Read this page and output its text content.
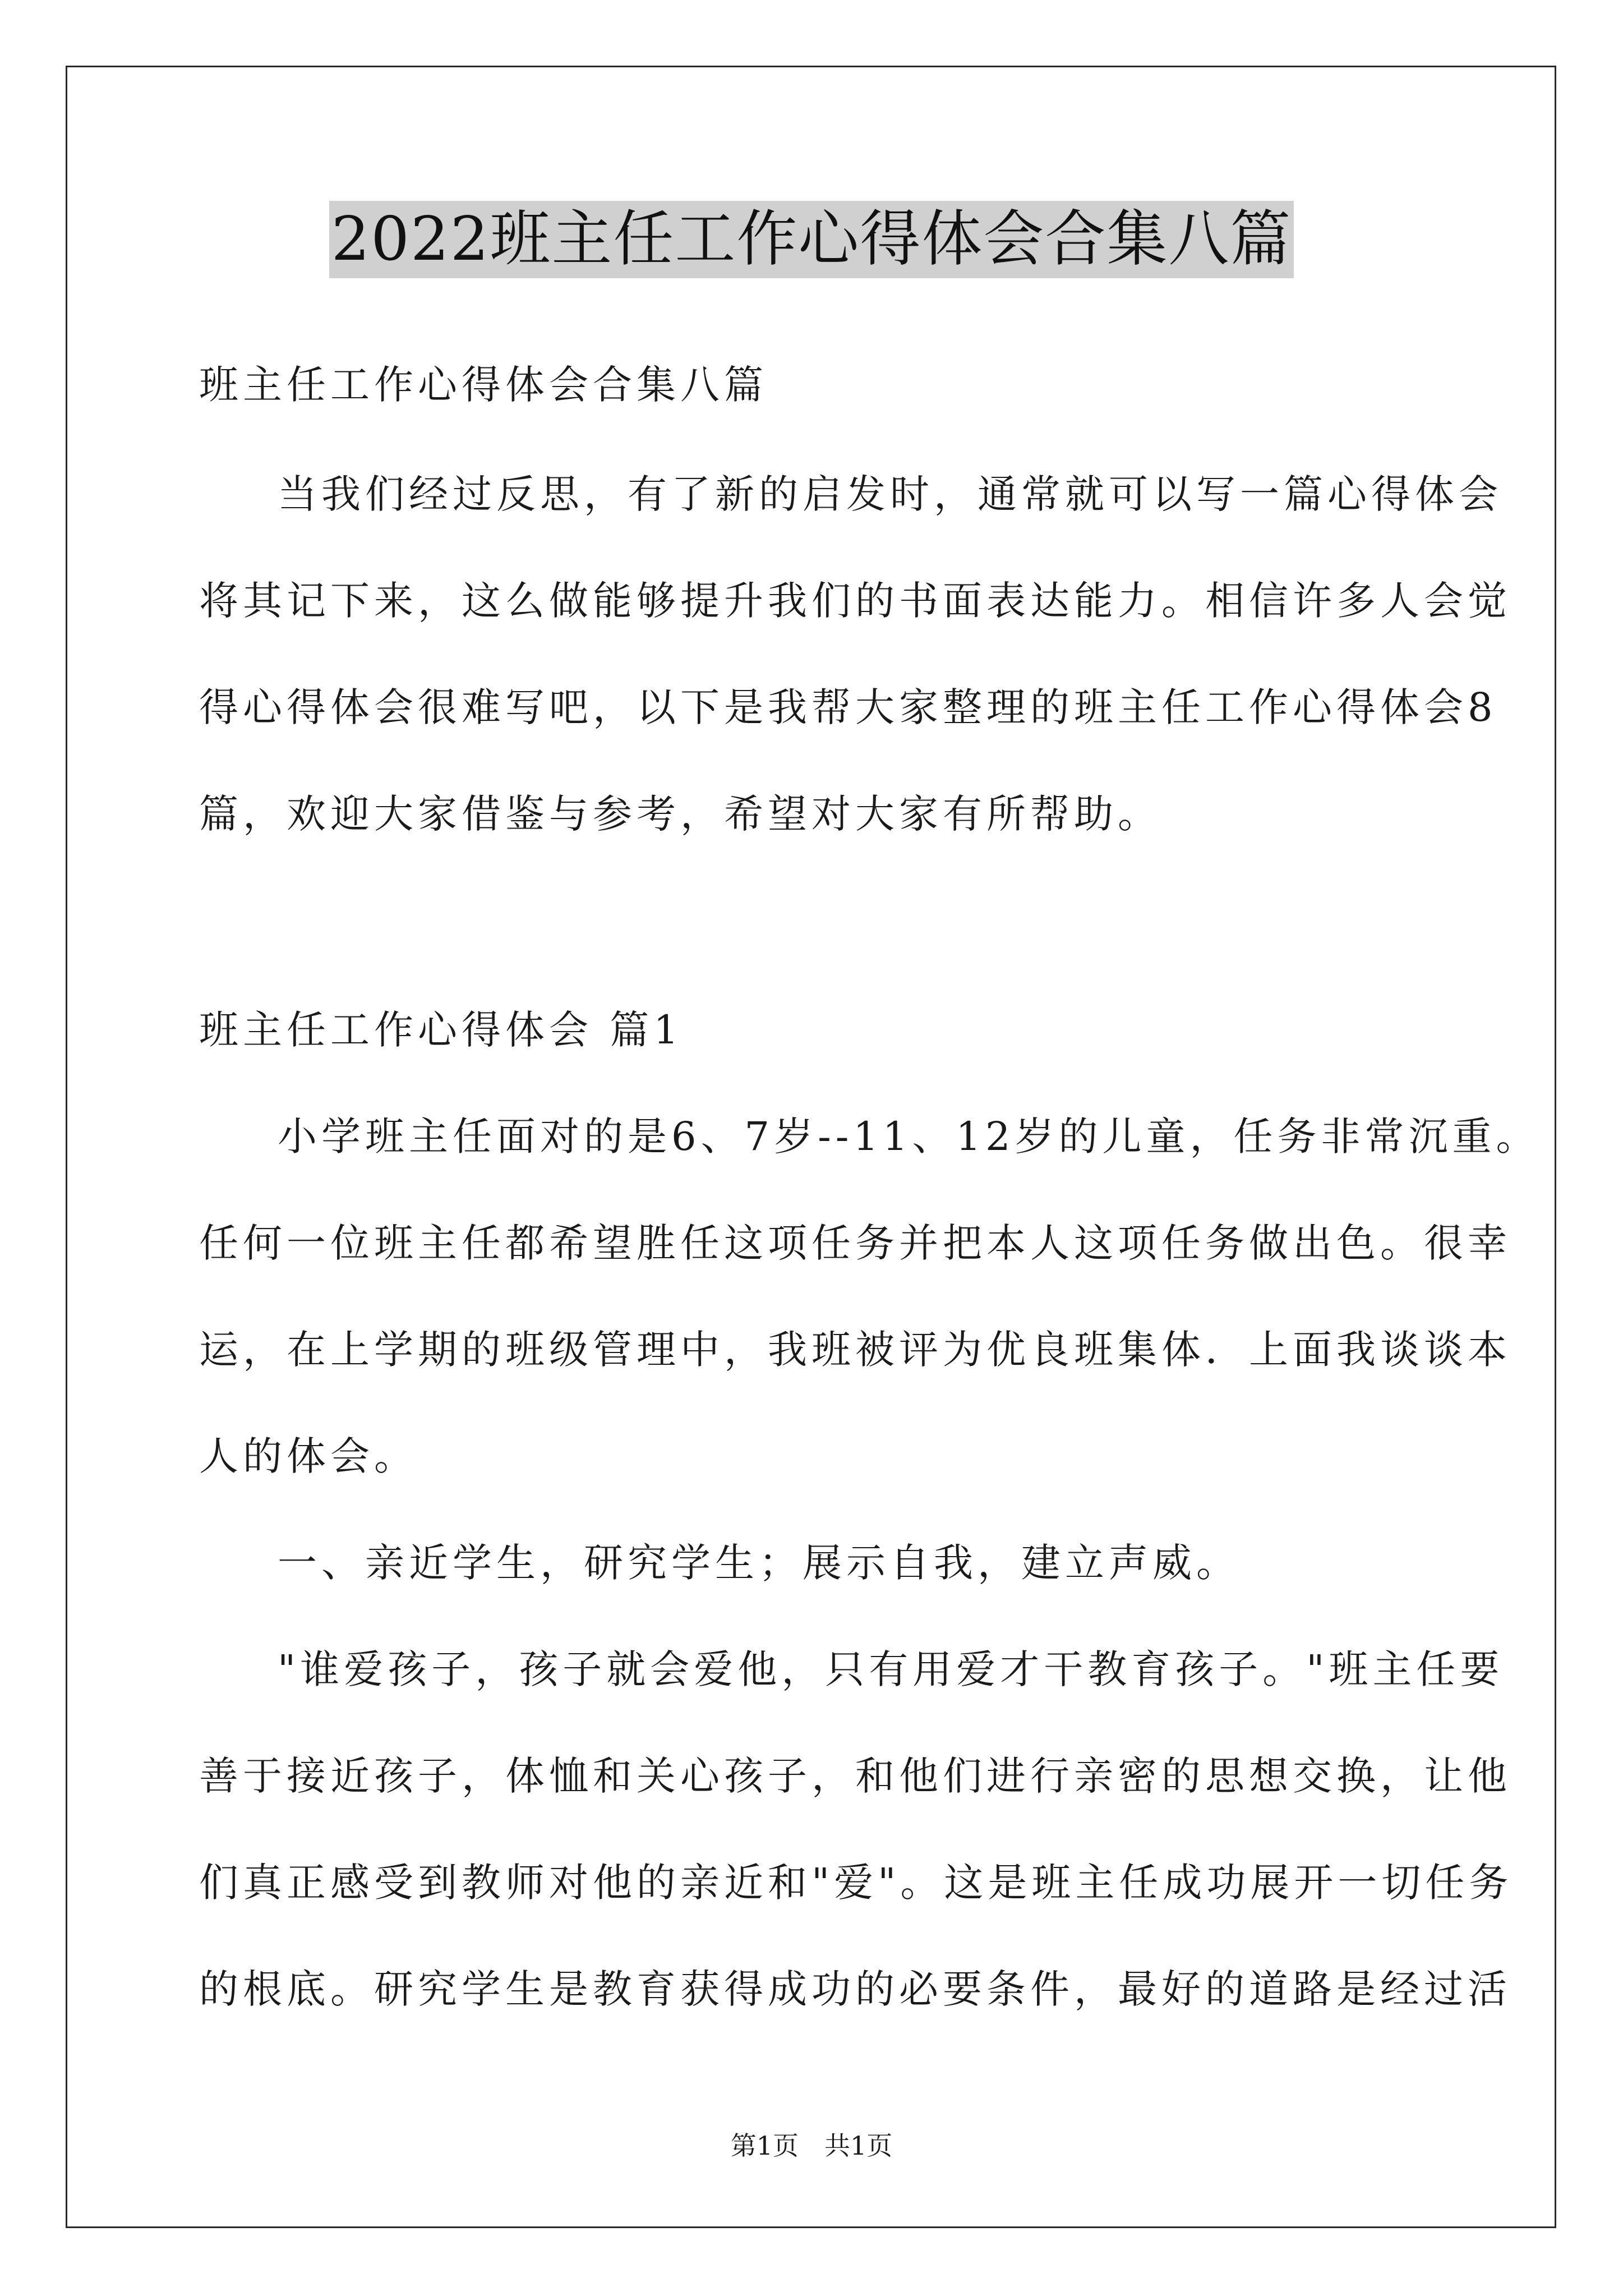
2022班主任工作心得体会合集八篇
班主任工作心得体会合集八篇
当我们经过反思，有了新的启发时，通常就可以写一篇心得体会
将其记下来，这么做能够提升我们的书面表达能力。相信许多人会觉
得心得体会很难写吧，以下是我帮大家整理的班主任工作心得体会8
篇，欢迎大家借鉴与参考，希望对大家有所帮助。
班主任工作心得体会 篇1
小学班主任面对的是6、7岁--11、12岁的儿童，任务非常沉重。
任何一位班主任都希望胜任这项任务并把本人这项任务做出色。很幸
运，在上学期的班级管理中，我班被评为优良班集体．上面我谈谈本
人的体会。
一、亲近学生，研究学生；展示自我，建立声威。
"谁爱孩子，孩子就会爱他，只有用爱才干教育孩子。"班主任要
善于接近孩子，体恤和关心孩子，和他们进行亲密的思想交换，让他
们真正感受到教师对他的亲近和"爱"。这是班主任成功展开一切任务
的根底。研究学生是教育获得成功的必要条件，最好的道路是经过活
第1页　共1页
